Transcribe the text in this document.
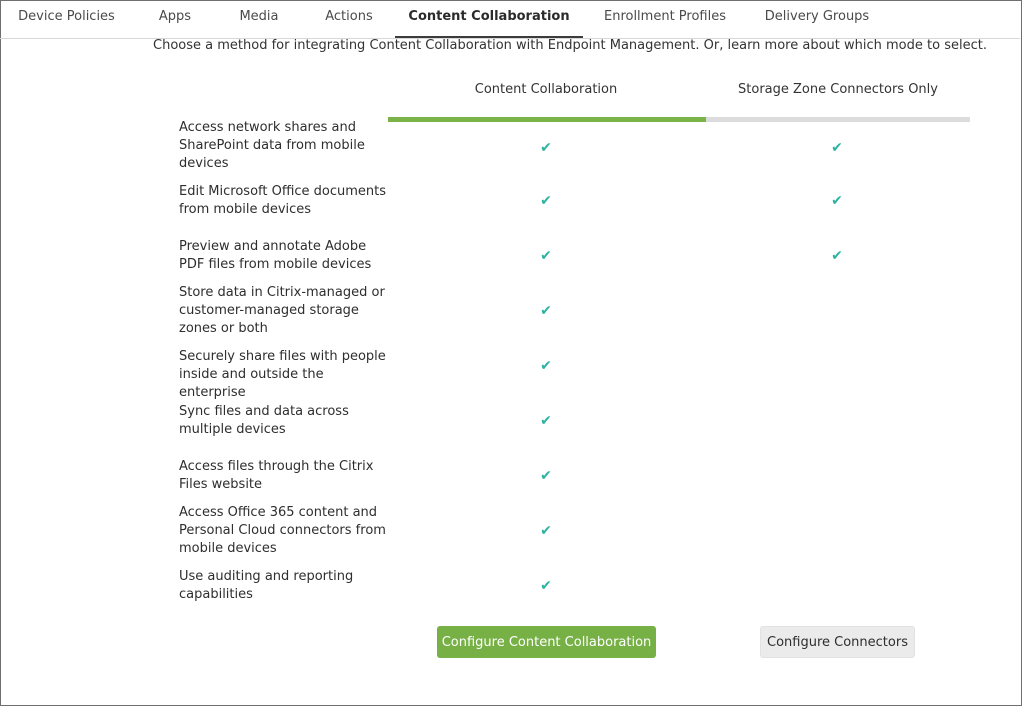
Device Policies	Apps	Media	Actions	Content Collaboration	Enrollment Profiles	Delivery Groups
Choose a method for integrating Content Collaboration with Endpoint Management. Or, learn more about which mode to select.
Content Collaboration	Storage Zone Connectors Only
Access network shares and SharePoint data from mobile devices
✔	✔
Edit Microsoft Office documents from mobile devices
✔	✔
Preview and annotate Adobe PDF files from mobile devices
✔	✔
Store data in Citrix-managed or customer-managed storage zones or both
✔
Securely share files with people inside and outside the enterprise
✔
Sync files and data across multiple devices
✔
Access files through the Citrix Files website
✔
Access Office 365 content and Personal Cloud connectors from mobile devices
✔
Use auditing and reporting capabilities
✔
Configure Content Collaboration	Configure Connectors
